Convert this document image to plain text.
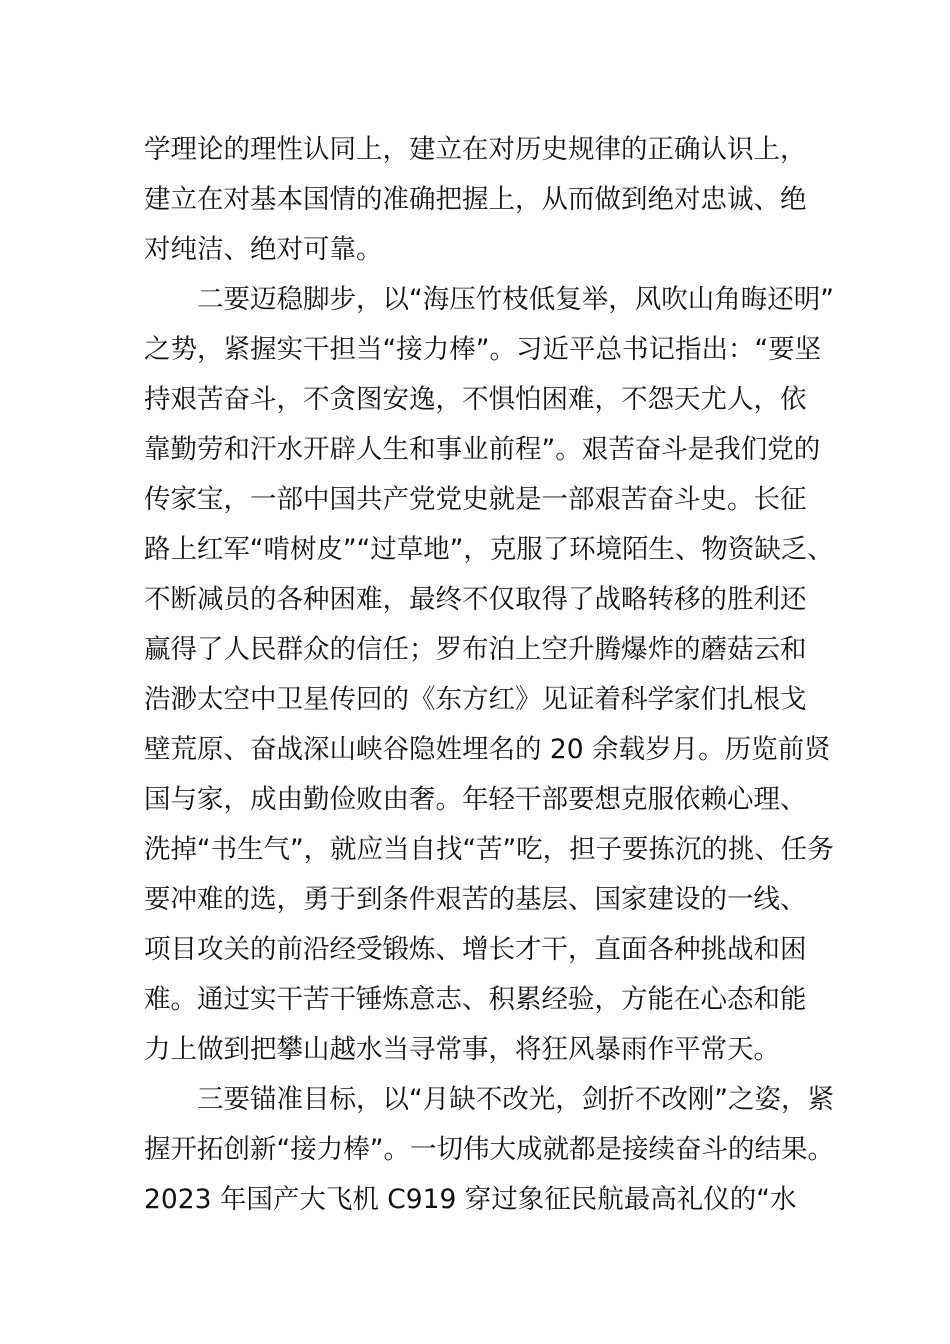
学理论的理性认同上，建立在对历史规律的正确认识上，
建立在对基本国情的准确把握上，从而做到绝对忠诚、绝
对纯洁、绝对可靠。
二要迈稳脚步，以“海压竹枝低复举，风吹山角晦还明”
之势，紧握实干担当“接力棒”。习近平总书记指出：“要坚
持艰苦奋斗，不贪图安逸，不惧怕困难，不怨天尤人，依
靠勤劳和汗水开辟人生和事业前程”。艰苦奋斗是我们党的
传家宝，一部中国共产党党史就是一部艰苦奋斗史。长征
路上红军“啃树皮”“过草地”，克服了环境陌生、物资缺乏、
不断减员的各种困难，最终不仅取得了战略转移的胜利还
赢得了人民群众的信任；罗布泊上空升腾爆炸的蘑菇云和
浩渺太空中卫星传回的《东方红》见证着科学家们扎根戈
壁荒原、奋战深山峡谷隐姓埋名的 20 余载岁月。历览前贤
国与家，成由勤俭败由奢。年轻干部要想克服依赖心理、
洗掉“书生气”，就应当自找“苦”吃，担子要拣沉的挑、任务
要冲难的选，勇于到条件艰苦的基层、国家建设的一线、
项目攻关的前沿经受锻炼、增长才干，直面各种挑战和困
难。通过实干苦干锤炼意志、积累经验，方能在心态和能
力上做到把攀山越水当寻常事，将狂风暴雨作平常天。
三要锚准目标，以“月缺不改光，剑折不改刚”之姿，紧
握开拓创新“接力棒”。一切伟大成就都是接续奋斗的结果。
2023 年国产大飞机 C919 穿过象征民航最高礼仪的“水
